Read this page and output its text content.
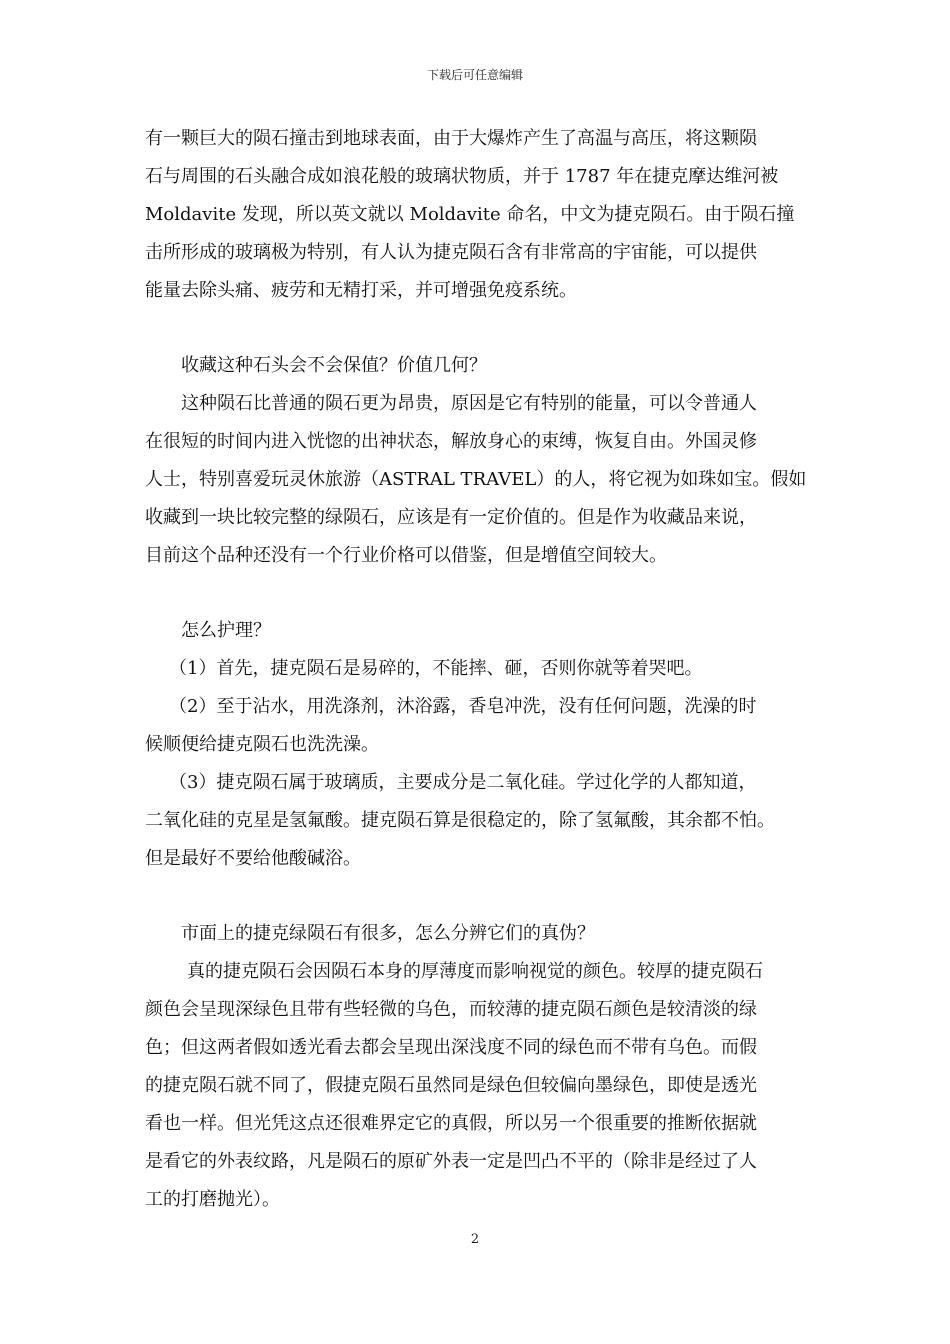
下载后可任意编辑
有一颗巨大的陨石撞击到地球表面，由于大爆炸产生了高温与高压，将这颗陨
石与周围的石头融合成如浪花般的玻璃状物质，并于 1787 年在捷克摩达维河被
Moldavite 发现，所以英文就以 Moldavite 命名，中文为捷克陨石。由于陨石撞
击所形成的玻璃极为特别，有人认为捷克陨石含有非常高的宇宙能，可以提供
能量去除头痛、疲劳和无精打采，并可增强免疫系统。
收藏这种石头会不会保值？价值几何？
这种陨石比普通的陨石更为昂贵，原因是它有特别的能量，可以令普通人
在很短的时间内进入恍惚的出神状态，解放身心的束缚，恢复自由。外国灵修
人士，特别喜爱玩灵休旅游（ASTRAL TRAVEL）的人，将它视为如珠如宝。假如
收藏到一块比较完整的绿陨石，应该是有一定价值的。但是作为收藏品来说，
目前这个品种还没有一个行业价格可以借鉴，但是增值空间较大。
怎么护理？
（1）首先，捷克陨石是易碎的，不能摔、砸，否则你就等着哭吧。
（2）至于沾水，用洗涤剂，沐浴露，香皂冲洗，没有任何问题，洗澡的时
候顺便给捷克陨石也洗洗澡。
（3）捷克陨石属于玻璃质，主要成分是二氧化硅。学过化学的人都知道，
二氧化硅的克星是氢氟酸。捷克陨石算是很稳定的，除了氢氟酸，其余都不怕。
但是最好不要给他酸碱浴。
市面上的捷克绿陨石有很多，怎么分辨它们的真伪？
真的捷克陨石会因陨石本身的厚薄度而影响视觉的颜色。较厚的捷克陨石
颜色会呈现深绿色且带有些轻微的乌色，而较薄的捷克陨石颜色是较清淡的绿
色；但这两者假如透光看去都会呈现出深浅度不同的绿色而不带有乌色。而假
的捷克陨石就不同了，假捷克陨石虽然同是绿色但较偏向墨绿色，即使是透光
看也一样。但光凭这点还很难界定它的真假，所以另一个很重要的推断依据就
是看它的外表纹路，凡是陨石的原矿外表一定是凹凸不平的（除非是经过了人
工的打磨抛光）。
2
